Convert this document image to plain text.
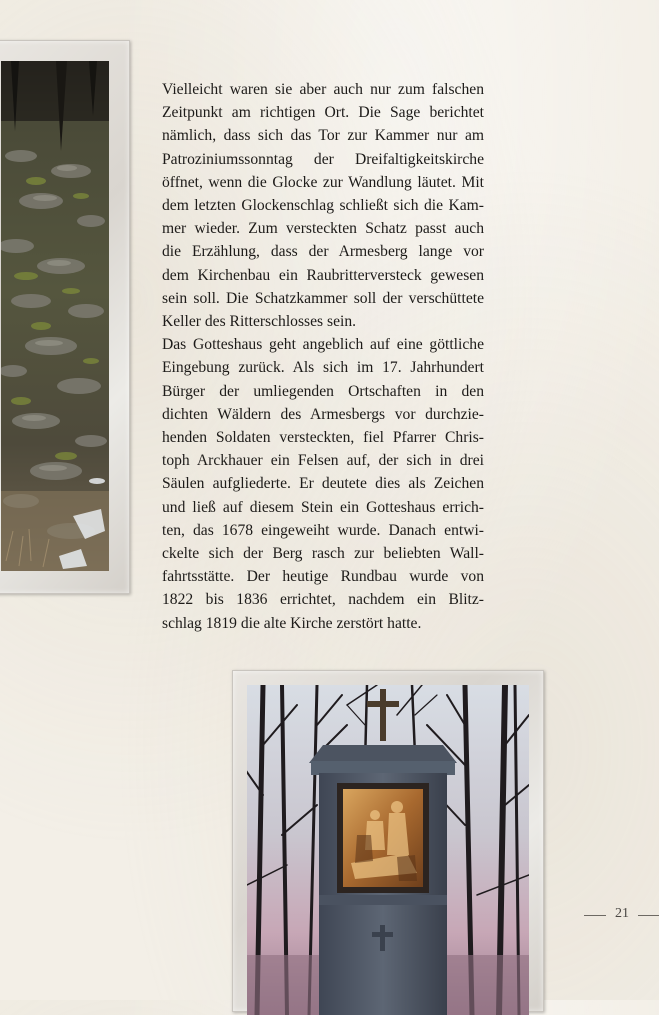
Vielleicht waren sie aber auch nur zum falschen
Zeitpunkt am richtigen Ort. Die Sage berichtet
nämlich, dass sich das Tor zur Kammer nur am
Patroziniumssonntag der Dreifaltigkeitskirche
öffnet, wenn die Glocke zur Wandlung läutet. Mit
dem letzten Glockenschlag schließt sich die Kam-
mer wieder. Zum versteckten Schatz passt auch
die Erzählung, dass der Armesberg lange vor
dem Kirchenbau ein Raubritterversteck gewesen
sein soll. Die Schatzkammer soll der verschüttete
Keller des Ritterschlosses sein.
Das Gotteshaus geht angeblich auf eine göttliche
Eingebung zurück. Als sich im 17. Jahrhundert
Bürger der umliegenden Ortschaften in den
dichten Wäldern des Armesbergs vor durchzie-
henden Soldaten versteckten, fiel Pfarrer Chris-
toph Arckhauer ein Felsen auf, der sich in drei
Säulen aufgliederte. Er deutete dies als Zeichen
und ließ auf diesem Stein ein Gotteshaus errich-
ten, das 1678 eingeweiht wurde. Danach entwi-
ckelte sich der Berg rasch zur beliebten Wall-
fahrtsstätte. Der heutige Rundbau wurde von
1822 bis 1836 errichtet, nachdem ein Blitz-
schlag 1819 die alte Kirche zerstört hatte.
21
